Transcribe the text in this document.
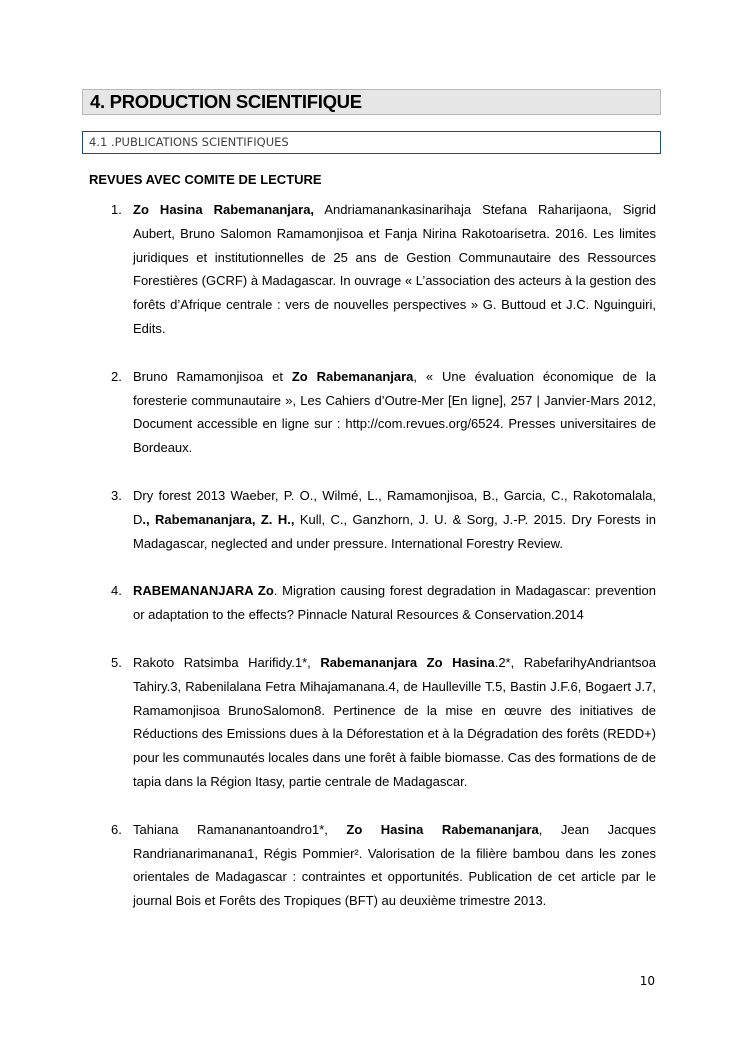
4. PRODUCTION SCIENTIFIQUE
4.1 .PUBLICATIONS SCIENTIFIQUES
REVUES AVEC COMITE DE LECTURE
1. Zo Hasina Rabemananjara, Andriamanankasinarihaja Stefana Raharijaona, Sigrid Aubert, Bruno Salomon Ramamonjisoa et Fanja Nirina Rakotoarisetra. 2016. Les limites juridiques et institutionnelles de 25 ans de Gestion Communautaire des Ressources Forestières (GCRF) à Madagascar. In ouvrage « L’association des acteurs à la gestion des forêts d’Afrique centrale : vers de nouvelles perspectives » G. Buttoud et J.C. Nguinguiri, Edits.
2. Bruno Ramamonjisoa et Zo Rabemananjara, « Une évaluation économique de la foresterie communautaire », Les Cahiers d’Outre-Mer [En ligne], 257 | Janvier-Mars 2012, Document accessible en ligne sur : http://com.revues.org/6524. Presses universitaires de Bordeaux.
3. Dry forest 2013 Waeber, P. O., Wilmé, L., Ramamonjisoa, B., Garcia, C., Rakotomalala, D., Rabemananjara, Z. H., Kull, C., Ganzhorn, J. U. & Sorg, J.-P. 2015. Dry Forests in Madagascar, neglected and under pressure. International Forestry Review.
4. RABEMANANJARA Zo. Migration causing forest degradation in Madagascar: prevention or adaptation to the effects? Pinnacle Natural Resources & Conservation.2014
5. Rakoto Ratsimba Harifidy.1*, Rabemananjara Zo Hasina.2*, RabefarihyAndriantsoa Tahiry.3, Rabenilalana Fetra Mihajamanana.4, de Haulleville T.5, Bastin J.F.6, Bogaert J.7, Ramamonjisoa BrunoSalomon8. Pertinence de la mise en œuvre des initiatives de Réductions des Emissions dues à la Déforestation et à la Dégradation des forêts (REDD+) pour les communautés locales dans une forêt à faible biomasse. Cas des formations de de tapia dans la Région Itasy, partie centrale de Madagascar.
6. Tahiana Ramananantoandro1*, Zo Hasina Rabemananjara, Jean Jacques Randrianarimanana1, Régis Pommier². Valorisation de la filière bambou dans les zones orientales de Madagascar : contraintes et opportunités. Publication de cet article par le journal Bois et Forêts des Tropiques (BFT) au deuxième trimestre 2013.
10
